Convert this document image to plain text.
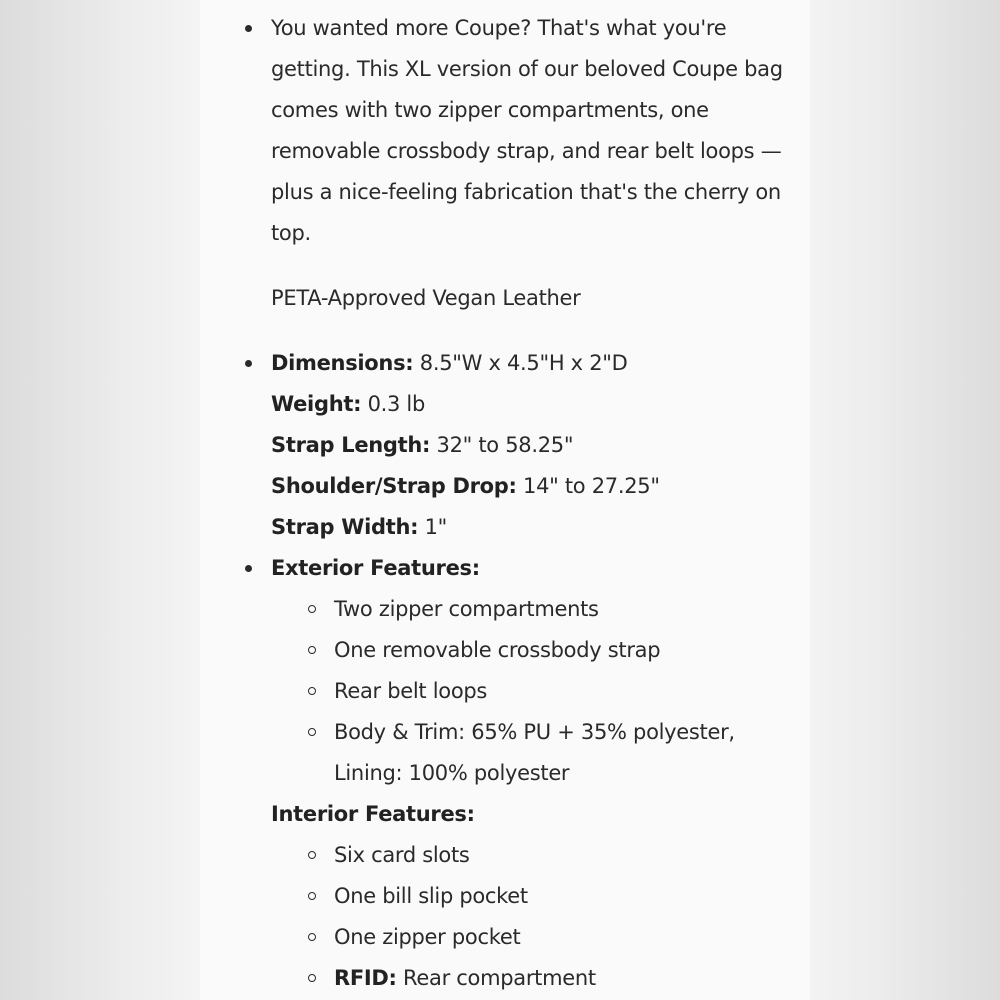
You wanted more Coupe? That's what you're getting. This XL version of our beloved Coupe bag comes with two zipper compartments, one removable crossbody strap, and rear belt loops — plus a nice-feeling fabrication that's the cherry on top.
PETA-Approved Vegan Leather
Dimensions: 8.5"W x 4.5"H x 2"D
Weight: 0.3 lb
Strap Length: 32" to 58.25"
Shoulder/Strap Drop: 14" to 27.25"
Strap Width: 1"
Exterior Features:
Two zipper compartments
One removable crossbody strap
Rear belt loops
Body & Trim: 65% PU + 35% polyester, Lining: 100% polyester
Interior Features:
Six card slots
One bill slip pocket
One zipper pocket
RFID: Rear compartment
